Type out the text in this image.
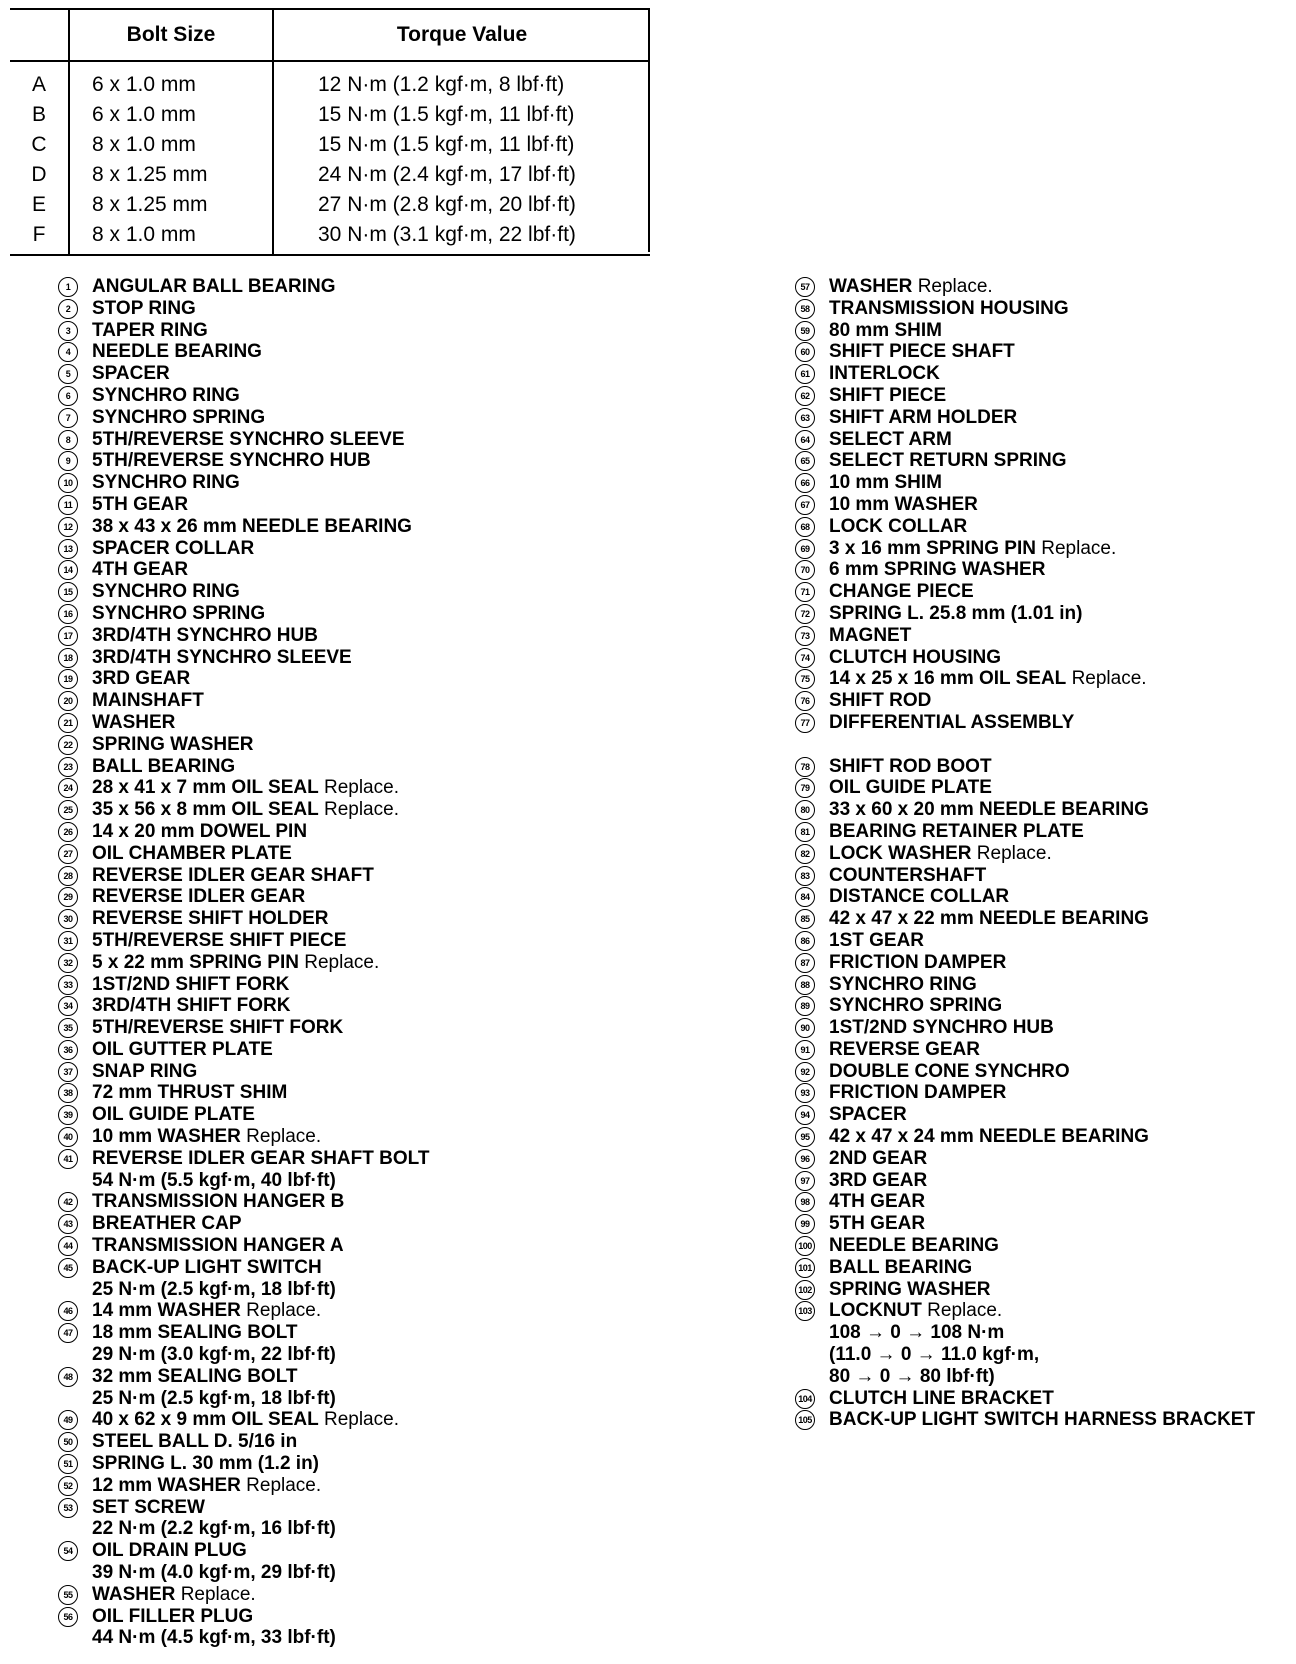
	Bolt Size	Torque Value
A	6 x 1.0 mm	12 N·m (1.2 kgf·m, 8 lbf·ft)
B	6 x 1.0 mm	15 N·m (1.5 kgf·m, 11 lbf·ft)
C	8 x 1.0 mm	15 N·m (1.5 kgf·m, 11 lbf·ft)
D	8 x 1.25 mm	24 N·m (2.4 kgf·m, 17 lbf·ft)
E	8 x 1.25 mm	27 N·m (2.8 kgf·m, 20 lbf·ft)
F	8 x 1.0 mm	30 N·m (3.1 kgf·m, 22 lbf·ft)
1	ANGULAR BALL BEARING
2	STOP RING
3	TAPER RING
4	NEEDLE BEARING
5	SPACER
6	SYNCHRO RING
7	SYNCHRO SPRING
8	5TH/REVERSE SYNCHRO SLEEVE
9	5TH/REVERSE SYNCHRO HUB
10 SYNCHRO RING
11	5TH GEAR
12 38 x 43 x 26 mm NEEDLE BEARING
13 SPACER COLLAR
14 4TH GEAR
15 SYNCHRO RING
16 SYNCHRO SPRING
17 3RD/4TH SYNCHRO HUB
18 3RD/4TH SYNCHRO SLEEVE
19 3RD GEAR
20 MAINSHAFT
21 WASHER
22 SPRING WASHER
23 BALL BEARING
24 28 x 41 x 7 mm OIL SEAL Replace.
25 35 x 56 x 8 mm OIL SEAL Replace.
26 14 x 20 mm DOWEL PIN
27 OIL CHAMBER PLATE
28 REVERSE IDLER GEAR SHAFT
29 REVERSE IDLER GEAR
30 REVERSE SHIFT HOLDER
31 5TH/REVERSE SHIFT PIECE
32 5 x 22 mm SPRING PIN Replace.
33 1ST/2ND SHIFT FORK
34 3RD/4TH SHIFT FORK
35 5TH/REVERSE SHIFT FORK
36 OIL GUTTER PLATE
37 SNAP RING
38 72 mm THRUST SHIM
39 OIL GUIDE PLATE
40 10 mm WASHER Replace.
41 REVERSE IDLER GEAR SHAFT BOLT
54 N·m (5.5 kgf·m, 40 lbf·ft)
42 TRANSMISSION HANGER B
43 BREATHER CAP
44 TRANSMISSION HANGER A
45 BACK-UP LIGHT SWITCH
25 N·m (2.5 kgf·m, 18 lbf·ft)
46 14 mm WASHER Replace.
47 18 mm SEALING BOLT
29 N·m (3.0 kgf·m, 22 lbf·ft)
48 32 mm SEALING BOLT
25 N·m (2.5 kgf·m, 18 lbf·ft)
49 40 x 62 x 9 mm OIL SEAL Replace.
50 STEEL BALL D. 5/16 in
51 SPRING L. 30 mm (1.2 in)
52 12 mm WASHER Replace.
53 SET SCREW
22 N·m (2.2 kgf·m, 16 lbf·ft)
54 OIL DRAIN PLUG
39 N·m (4.0 kgf·m, 29 lbf·ft)
55 WASHER Replace.
56 OIL FILLER PLUG
44 N·m (4.5 kgf·m, 33 lbf·ft)
57 WASHER Replace.
58 TRANSMISSION HOUSING
59 80 mm SHIM
60 SHIFT PIECE SHAFT
61 INTERLOCK
62 SHIFT PIECE
63 SHIFT ARM HOLDER
64 SELECT ARM
65 SELECT RETURN SPRING
66 10 mm SHIM
67 10 mm WASHER
68 LOCK COLLAR
69 3 x 16 mm SPRING PIN Replace.
70 6 mm SPRING WASHER
71 CHANGE PIECE
72 SPRING L. 25.8 mm (1.01 in)
73 MAGNET
74 CLUTCH HOUSING
75 14 x 25 x 16 mm OIL SEAL Replace.
76 SHIFT ROD
77 DIFFERENTIAL ASSEMBLY
78 SHIFT ROD BOOT
79 OIL GUIDE PLATE
80 33 x 60 x 20 mm NEEDLE BEARING
81 BEARING RETAINER PLATE
82 LOCK WASHER Replace.
83 COUNTERSHAFT
84 DISTANCE COLLAR
85 42 x 47 x 22 mm NEEDLE BEARING
86 1ST GEAR
87 FRICTION DAMPER
88 SYNCHRO RING
89 SYNCHRO SPRING
90 1ST/2ND SYNCHRO HUB
91 REVERSE GEAR
92 DOUBLE CONE SYNCHRO
93 FRICTION DAMPER
94 SPACER
95 42 x 47 x 24 mm NEEDLE BEARING
96 2ND GEAR
97 3RD GEAR
98 4TH GEAR
99 5TH GEAR
100 NEEDLE BEARING
101 BALL BEARING
102 SPRING WASHER
103 LOCKNUT Replace.
108 → 0 → 108 N·m
(11.0 → 0 → 11.0 kgf·m,
80 → 0 → 80 lbf·ft)
104 CLUTCH LINE BRACKET
105 BACK-UP LIGHT SWITCH HARNESS BRACKET
